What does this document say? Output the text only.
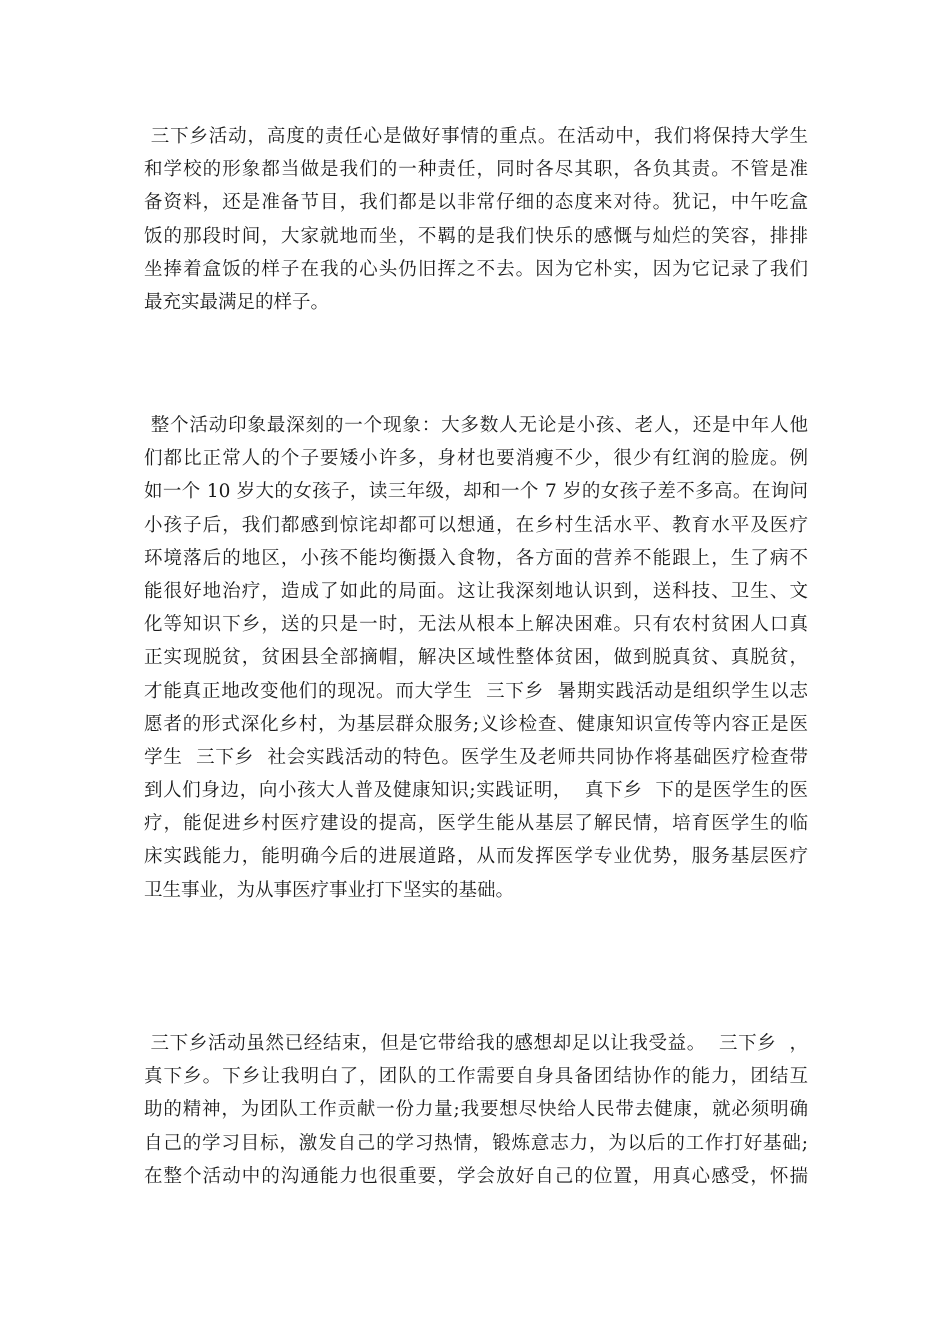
三下乡活动，高度的责任心是做好事情的重点。在活动中，我们将保持大学生
和学校的形象都当做是我们的一种责任，同时各尽其职，各负其责。不管是准
备资料，还是准备节目，我们都是以非常仔细的态度来对待。犹记，中午吃盒
饭的那段时间，大家就地而坐，不羁的是我们快乐的感慨与灿烂的笑容，排排
坐捧着盒饭的样子在我的心头仍旧挥之不去。因为它朴实，因为它记录了我们
最充实最满足的样子。
整个活动印象最深刻的一个现象：大多数人无论是小孩、老人，还是中年人他
们都比正常人的个子要矮小许多，身材也要消瘦不少，很少有红润的脸庞。例
如一个 10 岁大的女孩子，读三年级，却和一个 7 岁的女孩子差不多高。在询问
小孩子后，我们都感到惊诧却都可以想通，在乡村生活水平、教育水平及医疗
环境落后的地区，小孩不能均衡摄入食物，各方面的营养不能跟上，生了病不
能很好地治疗，造成了如此的局面。这让我深刻地认识到，送科技、卫生、文
化等知识下乡，送的只是一时，无法从根本上解决困难。只有农村贫困人口真
正实现脱贫，贫困县全部摘帽，解决区域性整体贫困，做到脱真贫、真脱贫，
才能真正地改变他们的现况。而大学生  三下乡  暑期实践活动是组织学生以志
愿者的形式深化乡村，为基层群众服务;义诊检查、健康知识宣传等内容正是医
学生  三下乡  社会实践活动的特色。医学生及老师共同协作将基础医疗检查带
到人们身边，向小孩大人普及健康知识;实践证明，  真下乡  下的是医学生的医
疗，能促进乡村医疗建设的提高，医学生能从基层了解民情，培育医学生的临
床实践能力，能明确今后的进展道路，从而发挥医学专业优势，服务基层医疗
卫生事业，为从事医疗事业打下坚实的基础。
三下乡活动虽然已经结束，但是它带给我的感想却足以让我受益。  三下乡  ，
真下乡。下乡让我明白了，团队的工作需要自身具备团结协作的能力，团结互
助的精神，为团队工作贡献一份力量;我要想尽快给人民带去健康，就必须明确
自己的学习目标，激发自己的学习热情，锻炼意志力，为以后的工作打好基础;
在整个活动中的沟通能力也很重要，学会放好自己的位置，用真心感受，怀揣
